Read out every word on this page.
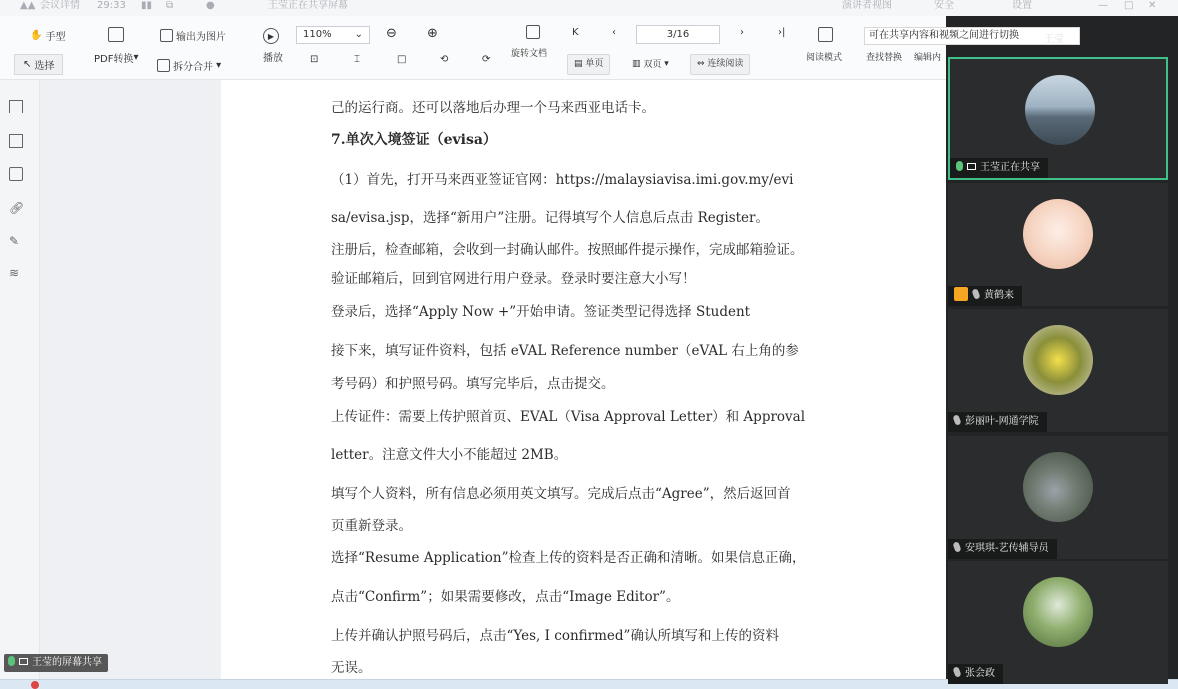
▲▲ 会议详情 29:33 ▮▮ ⧉	●	王莹正在共享屏幕	演讲者视图	安全	设置	— □ ✕
✋ 手型
↖ 选择
PDF转换 ▾
输出为图片
拆分合并 ▾
▶
播放
110% ⌄ ⊖ ⊕
⊡	⌶	□	⟲	⟳ 旋转文档
K	‹	3/16	›	›|
▤ 单页	▥ 双页 ▾	⇔ 连续阅读
阅读模式	查找替换 编辑内
🔗︎
✎
≋
己的运行商。还可以落地后办理一个马来西亚电话卡。
7.单次入境签证（evisa）
（1）首先，打开马来西亚签证官网：https://malaysiavisa.imi.gov.my/evi
sa/evisa.jsp，选择“新用户”注册。记得填写个人信息后点击 Register。
注册后，检查邮箱，会收到一封确认邮件。按照邮件提示操作，完成邮箱验证。
验证邮箱后，回到官网进行用户登录。登录时要注意大小写！
登录后，选择“Apply Now +”开始申请。签证类型记得选择 Student
接下来，填写证件资料，包括 eVAL Reference number（eVAL 右上角的参
考号码）和护照号码。填写完毕后，点击提交。
上传证件：需要上传护照首页、EVAL（Visa Approval Letter）和 Approval
letter。注意文件大小不能超过 2MB。
填写个人资料，所有信息必须用英文填写。完成后点击“Agree”，然后返回首
页重新登录。
选择“Resume Application”检查上传的资料是否正确和清晰。如果信息正确，
点击“Confirm”；如果需要修改，点击“Image Editor”。
上传并确认护照号码后，点击“Yes, I confirmed”确认所填写和上传的资料
无误。
王莹的屏幕共享
可在共享内容和视频之间进行切换	王莹
王莹正在共享
黄鹤来
彭丽叶-网通学院
安琪琪-艺传辅导员
张会政
